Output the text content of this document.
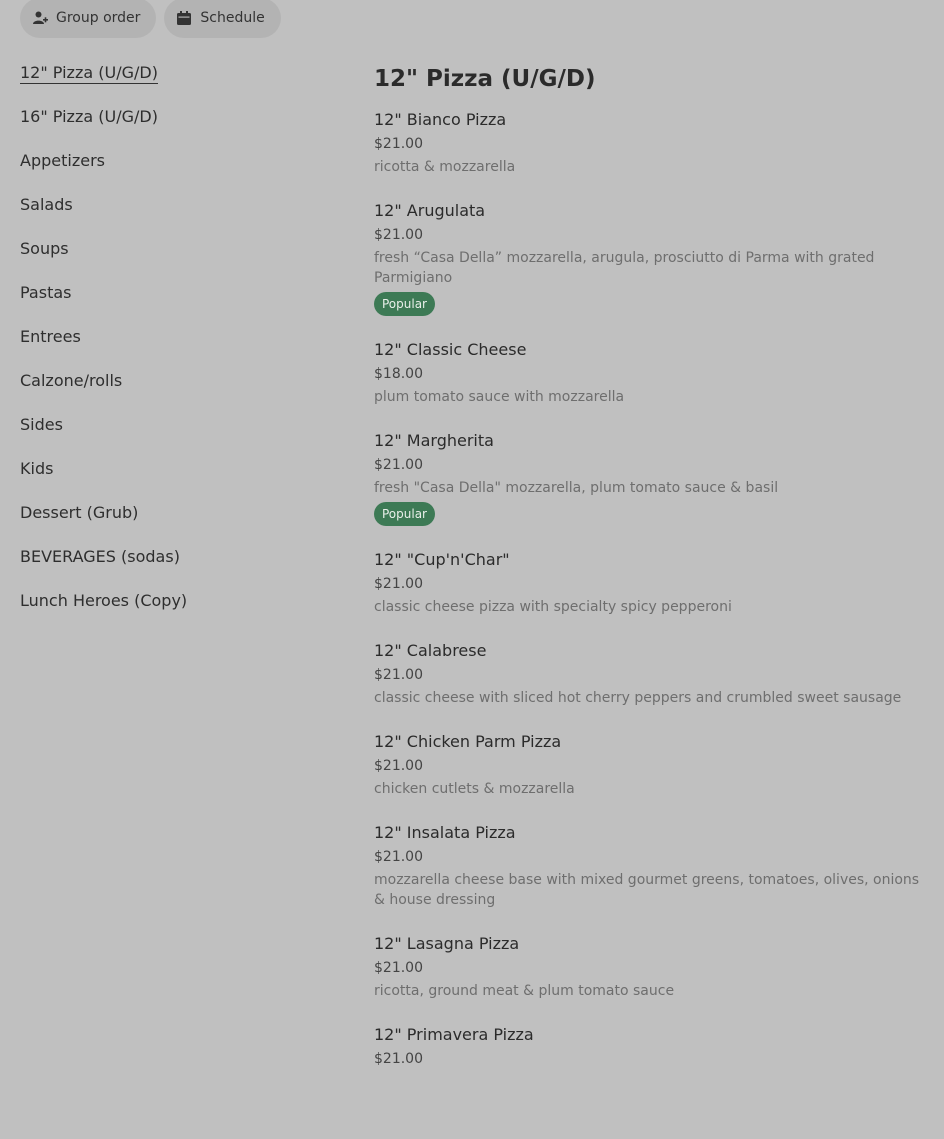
Group order	Schedule
12" Pizza (U/G/D)
16" Pizza (U/G/D)
Appetizers
Salads
Soups
Pastas
Entrees
Calzone/rolls
Sides
Kids
Dessert (Grub)
BEVERAGES (sodas)
Lunch Heroes (Copy)
12" Pizza (U/G/D)
12" Bianco Pizza
$21.00
ricotta & mozzarella
12" Arugulata
$21.00
fresh “Casa Della” mozzarella, arugula, prosciutto di Parma with grated Parmigiano
Popular
12" Classic Cheese
$18.00
plum tomato sauce with mozzarella
12" Margherita
$21.00
fresh "Casa Della" mozzarella, plum tomato sauce & basil
Popular
12" "Cup'n'Char"
$21.00
classic cheese pizza with specialty spicy pepperoni
12" Calabrese
$21.00
classic cheese with sliced hot cherry peppers and crumbled sweet sausage
12" Chicken Parm Pizza
$21.00
chicken cutlets & mozzarella
12" Insalata Pizza
$21.00
mozzarella cheese base with mixed gourmet greens, tomatoes, olives, onions & house dressing
12" Lasagna Pizza
$21.00
ricotta, ground meat & plum tomato sauce
12" Primavera Pizza
$21.00
